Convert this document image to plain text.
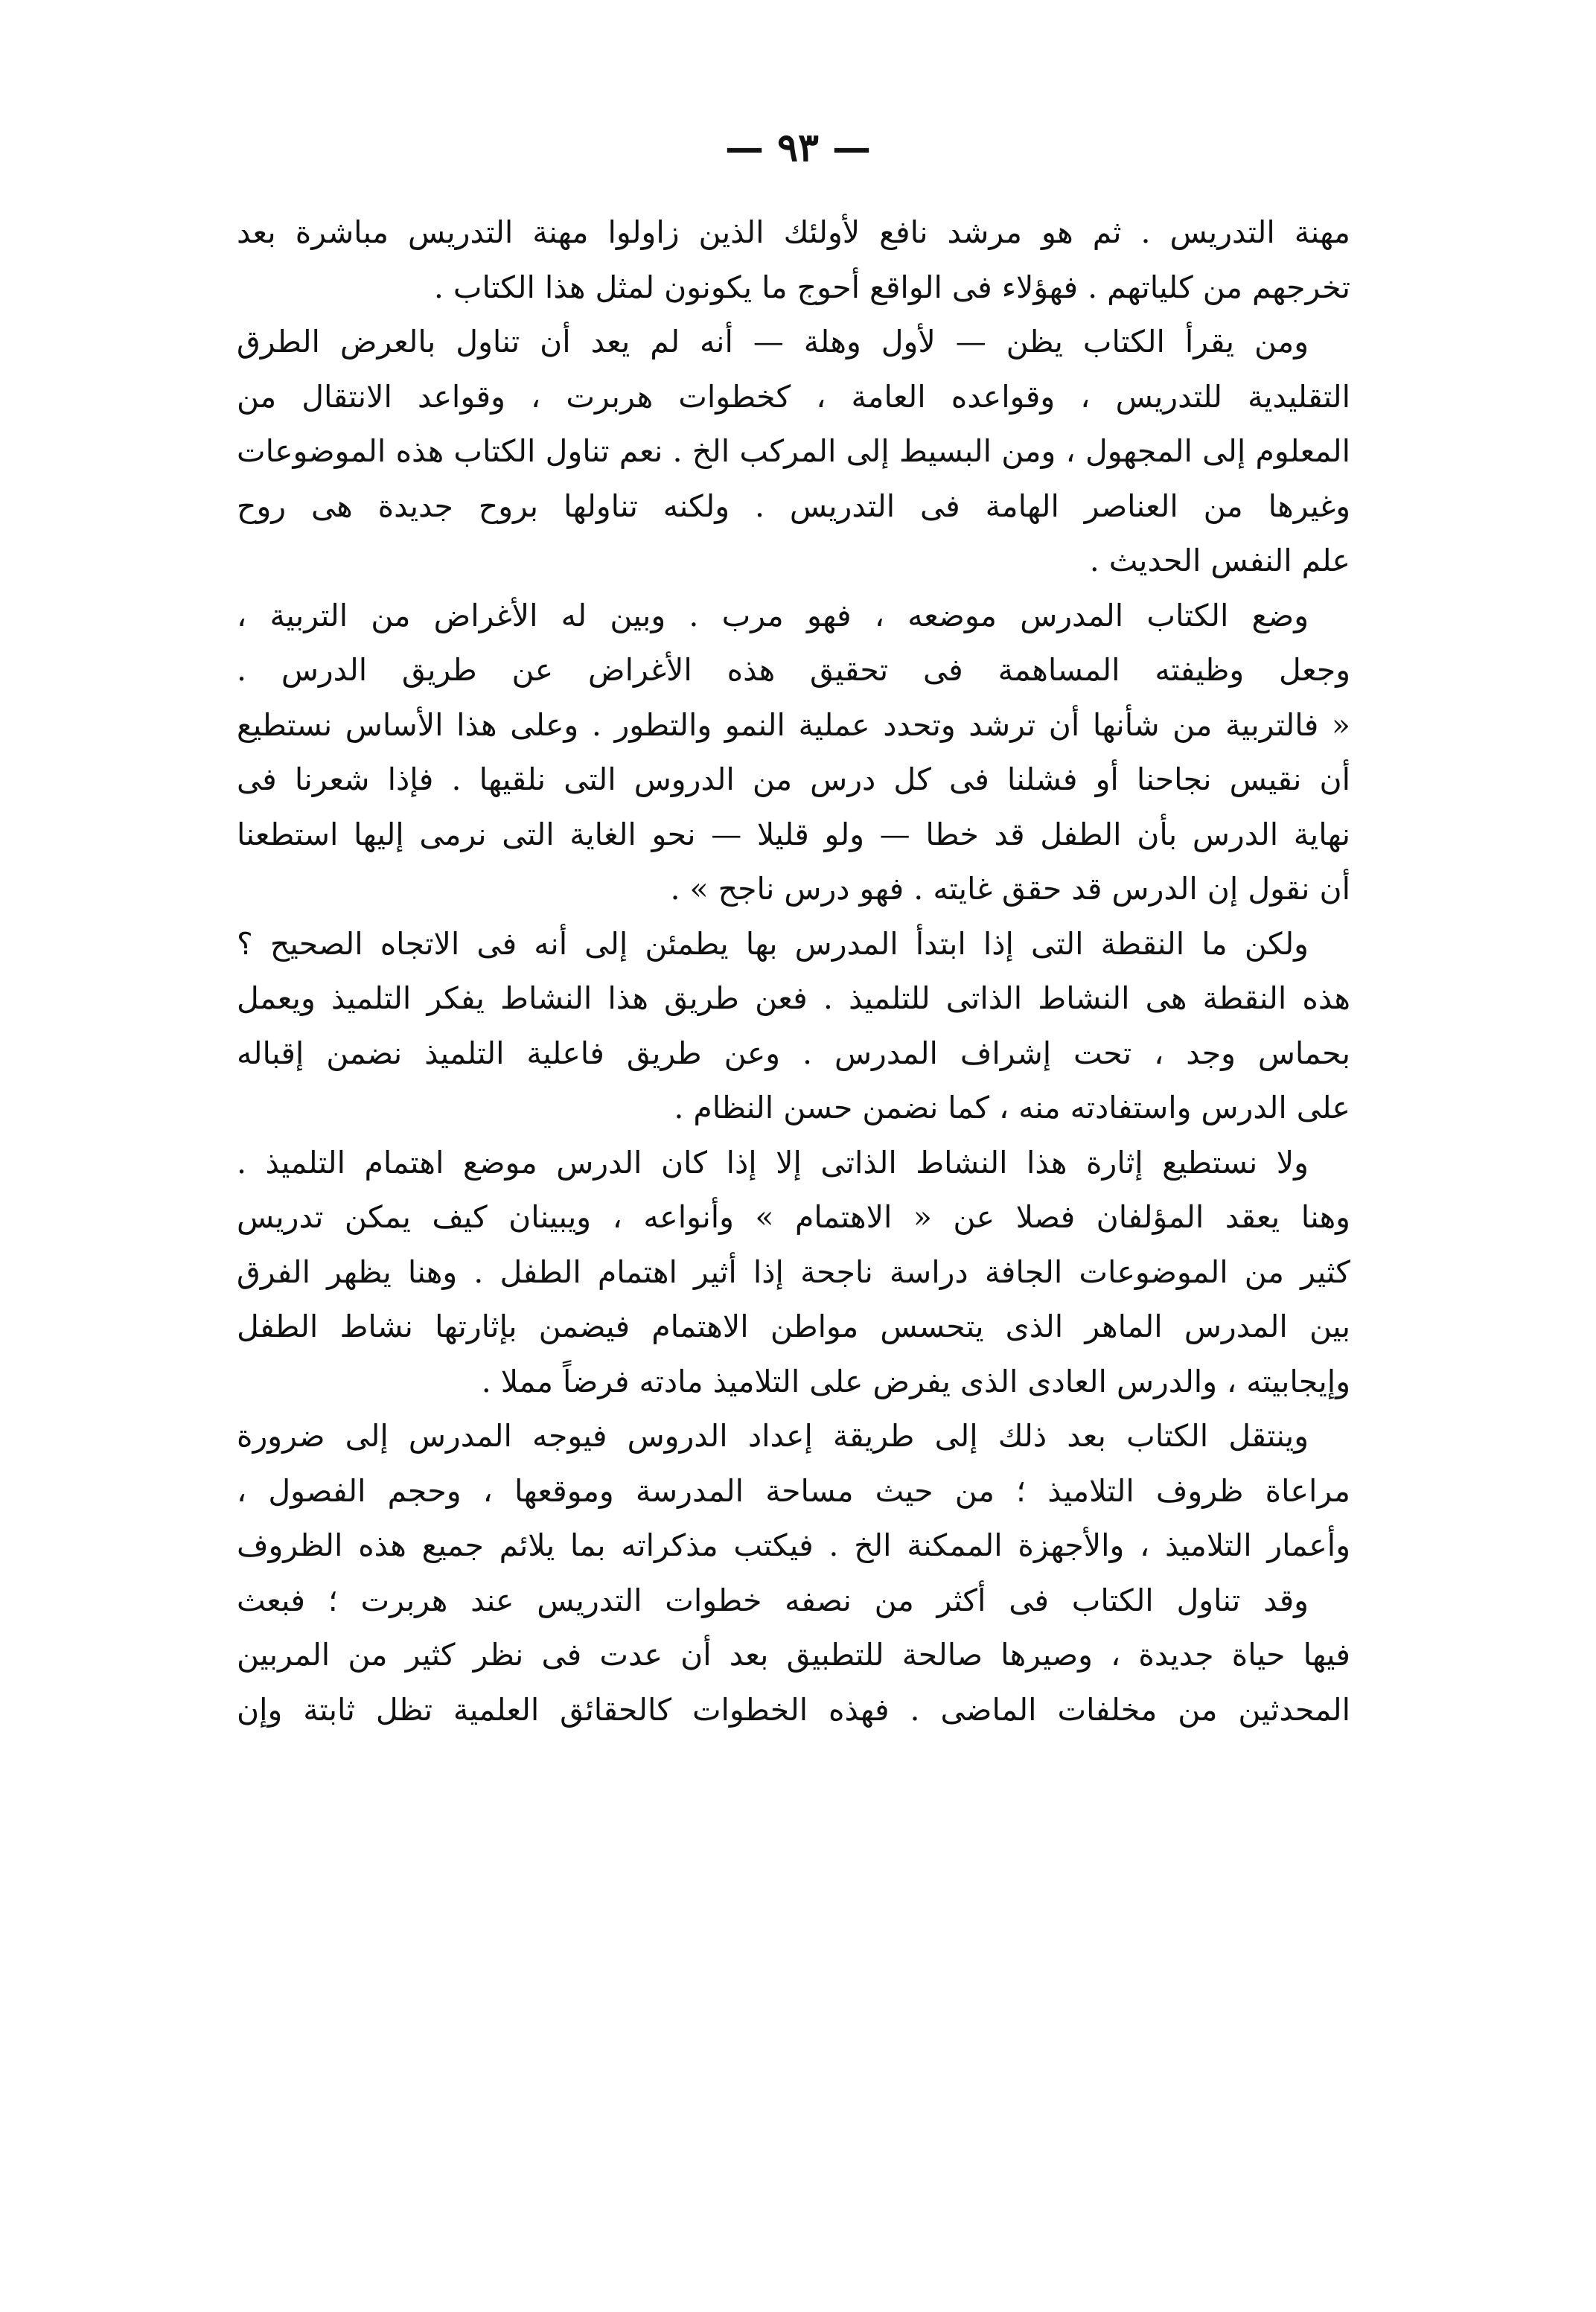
— ٩٣ —
مهنة التدريس . ثم هو مرشد نافع لأولئك الذين زاولوا مهنة التدريس مباشرة بعد
تخرجهم من كلياتهم . فهؤلاء فى الواقع أحوج ما يكونون لمثل هذا الكتاب .
ومن يقرأ الكتاب يظن — لأول وهلة — أنه لم يعد أن تناول بالعرض الطرق
التقليدية للتدريس ، وقواعده العامة ، كخطوات هربرت ، وقواعد الانتقال من
المعلوم إلى المجهول ، ومن البسيط إلى المركب الخ . نعم تناول الكتاب هذه الموضوعات
وغيرها من العناصر الهامة فى التدريس . ولكنه تناولها بروح جديدة هى روح
علم النفس الحديث .
وضع الكتاب المدرس موضعه ، فهو مرب . وبين له الأغراض من التربية ،
وجعل وظيفته المساهمة فى تحقيق هذه الأغراض عن طريق الدرس .
« فالتربية من شأنها أن ترشد وتحدد عملية النمو والتطور . وعلى هذا الأساس نستطيع
أن نقيس نجاحنا أو فشلنا فى كل درس من الدروس التى نلقيها . فإذا شعرنا فى
نهاية الدرس بأن الطفل قد خطا — ولو قليلا — نحو الغاية التى نرمى إليها استطعنا
أن نقول إن الدرس قد حقق غايته . فهو درس ناجح » .
ولكن ما النقطة التى إذا ابتدأ المدرس بها يطمئن إلى أنه فى الاتجاه الصحيح ؟
هذه النقطة هى النشاط الذاتى للتلميذ . فعن طريق هذا النشاط يفكر التلميذ ويعمل
بحماس وجد ، تحت إشراف المدرس . وعن طريق فاعلية التلميذ نضمن إقباله
على الدرس واستفادته منه ، كما نضمن حسن النظام .
ولا نستطيع إثارة هذا النشاط الذاتى إلا إذا كان الدرس موضع اهتمام التلميذ .
وهنا يعقد المؤلفان فصلا عن « الاهتمام » وأنواعه ، ويبينان كيف يمكن تدريس
كثير من الموضوعات الجافة دراسة ناجحة إذا أثير اهتمام الطفل . وهنا يظهر الفرق
بين المدرس الماهر الذى يتحسس مواطن الاهتمام فيضمن بإثارتها نشاط الطفل
وإيجابيته ، والدرس العادى الذى يفرض على التلاميذ مادته فرضاً مملا .
وينتقل الكتاب بعد ذلك إلى طريقة إعداد الدروس فيوجه المدرس إلى ضرورة
مراعاة ظروف التلاميذ ؛ من حيث مساحة المدرسة وموقعها ، وحجم الفصول ،
وأعمار التلاميذ ، والأجهزة الممكنة الخ . فيكتب مذكراته بما يلائم جميع هذه الظروف
وقد تناول الكتاب فى أكثر من نصفه خطوات التدريس عند هربرت ؛ فبعث
فيها حياة جديدة ، وصيرها صالحة للتطبيق بعد أن عدت فى نظر كثير من المربين
المحدثين من مخلفات الماضى . فهذه الخطوات كالحقائق العلمية تظل ثابتة وإن
